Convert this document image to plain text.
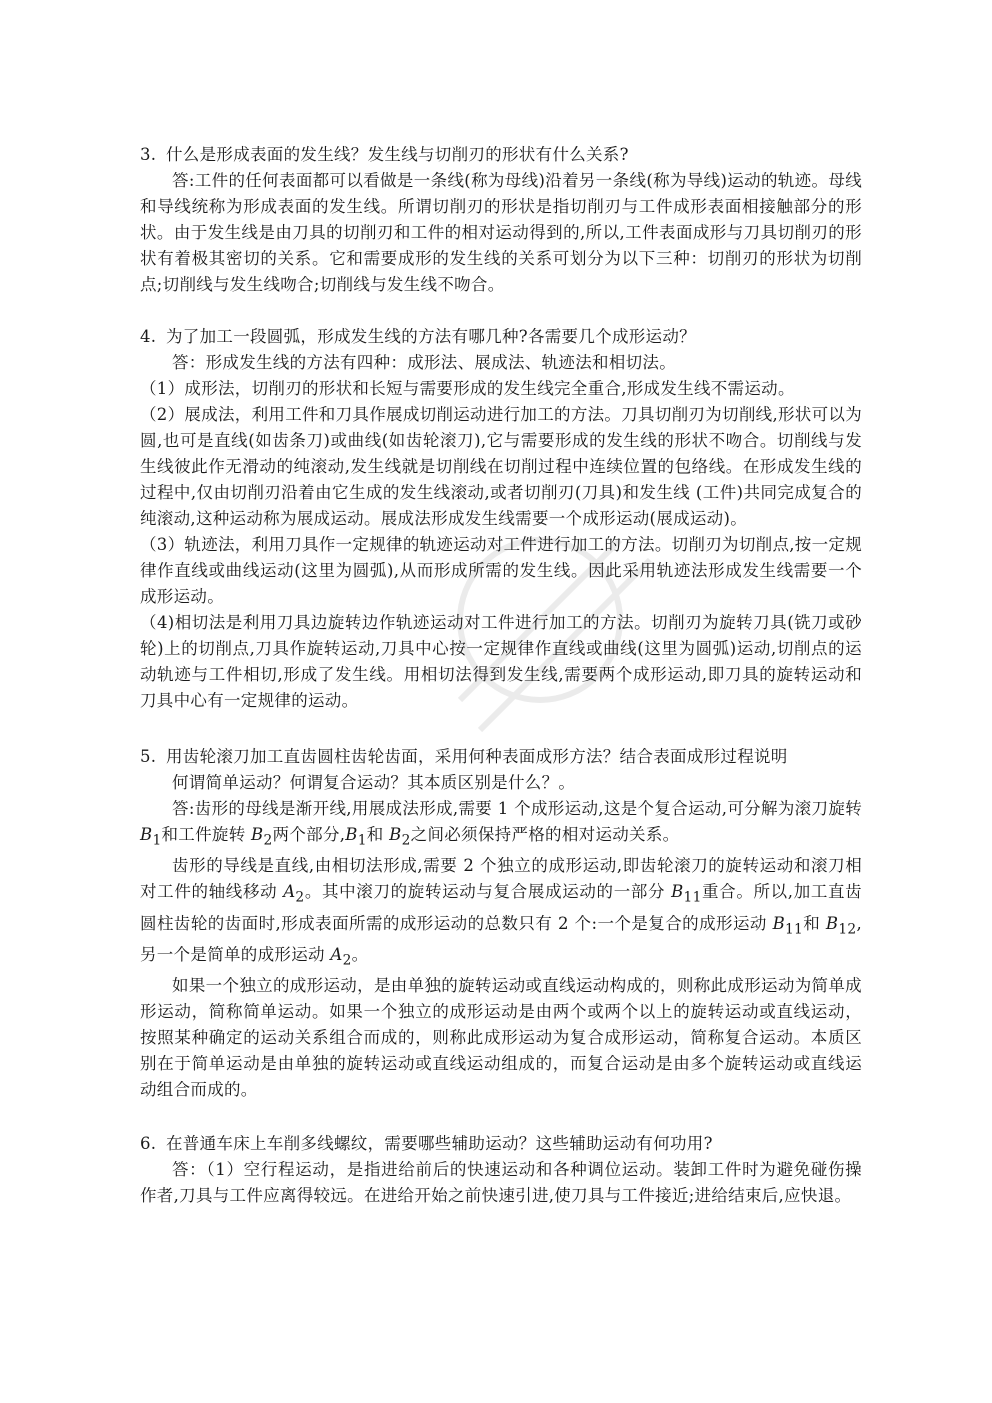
3. 什么是形成表面的发生线？发生线与切削刃的形状有什么关系?

答:工件的任何表面都可以看做是一条线(称为母线)沿着另一条线(称为导线)运动的轨迹。母线和导线统称为形成表面的发生线。所谓切削刃的形状是指切削刃与工件成形表面相接触部分的形状。由于发生线是由刀具的切削刃和工件的相对运动得到的,所以,工件表面成形与刀具切削刃的形状有着极其密切的关系。它和需要成形的发生线的关系可划分为以下三种：切削刃的形状为切削点;切削线与发生线吻合;切削线与发生线不吻合。

4. 为了加工一段圆弧，形成发生线的方法有哪几种?各需要几个成形运动？

答：形成发生线的方法有四种：成形法、展成法、轨迹法和相切法。

（1）成形法，切削刃的形状和长短与需要形成的发生线完全重合,形成发生线不需运动。

（2）展成法，利用工件和刀具作展成切削运动进行加工的方法。刀具切削刃为切削线,形状可以为圆,也可是直线(如齿条刀)或曲线(如齿轮滚刀),它与需要形成的发生线的形状不吻合。切削线与发生线彼此作无滑动的纯滚动,发生线就是切削线在切削过程中连续位置的包络线。在形成发生线的过程中,仅由切削刃沿着由它生成的发生线滚动,或者切削刃(刀具)和发生线 (工件)共同完成复合的纯滚动,这种运动称为展成运动。展成法形成发生线需要一个成形运动(展成运动)。

（3）轨迹法，利用刀具作一定规律的轨迹运动对工件进行加工的方法。切削刃为切削点,按一定规律作直线或曲线运动(这里为圆弧),从而形成所需的发生线。因此采用轨迹法形成发生线需要一个成形运动。

（4)相切法是利用刀具边旋转边作轨迹运动对工件进行加工的方法。切削刃为旋转刀具(铣刀或砂轮)上的切削点,刀具作旋转运动,刀具中心按一定规律作直线或曲线(这里为圆弧)运动,切削点的运动轨迹与工件相切,形成了发生线。用相切法得到发生线,需要两个成形运动,即刀具的旋转运动和刀具中心有一定规律的运动。

5. 用齿轮滚刀加工直齿圆柱齿轮齿面，采用何种表面成形方法？结合表面成形过程说明

何谓简单运动？何谓复合运动？其本质区别是什么？。

答:齿形的母线是渐开线,用展成法形成,需要 1 个成形运动,这是个复合运动,可分解为滚刀旋转 $B_1$和工件旋转 $B_2$两个部分$,B_1$和 $B_2$之间必须保持严格的相对运动关系。

齿形的导线是直线,由相切法形成,需要 2 个独立的成形运动,即齿轮滚刀的旋转运动和滚刀相对工件的轴线移动 $A_2$。其中滚刀的旋转运动与复合展成运动的一部分 $B_{11}$重合。所以,加工直齿圆柱齿轮的齿面时,形成表面所需的成形运动的总数只有 2 个:一个是复合的成形运动 $B_{11}$和 $B_{12}$,另一个是简单的成形运动 $A_2$。

如果一个独立的成形运动，是由单独的旋转运动或直线运动构成的，则称此成形运动为简单成形运动，简称简单运动。如果一个独立的成形运动是由两个或两个以上的旋转运动或直线运动，按照某种确定的运动关系组合而成的，则称此成形运动为复合成形运动，简称复合运动。本质区别在于简单运动是由单独的旋转运动或直线运动组成的，而复合运动是由多个旋转运动或直线运动组合而成的。

6. 在普通车床上车削多线螺纹，需要哪些辅助运动？这些辅助运动有何功用?

答：（1）空行程运动，是指进给前后的快速运动和各种调位运动。装卸工件时为避免碰伤操作者,刀具与工件应离得较远。在进给开始之前快速引进,使刀具与工件接近;进给结束后,应快退。
